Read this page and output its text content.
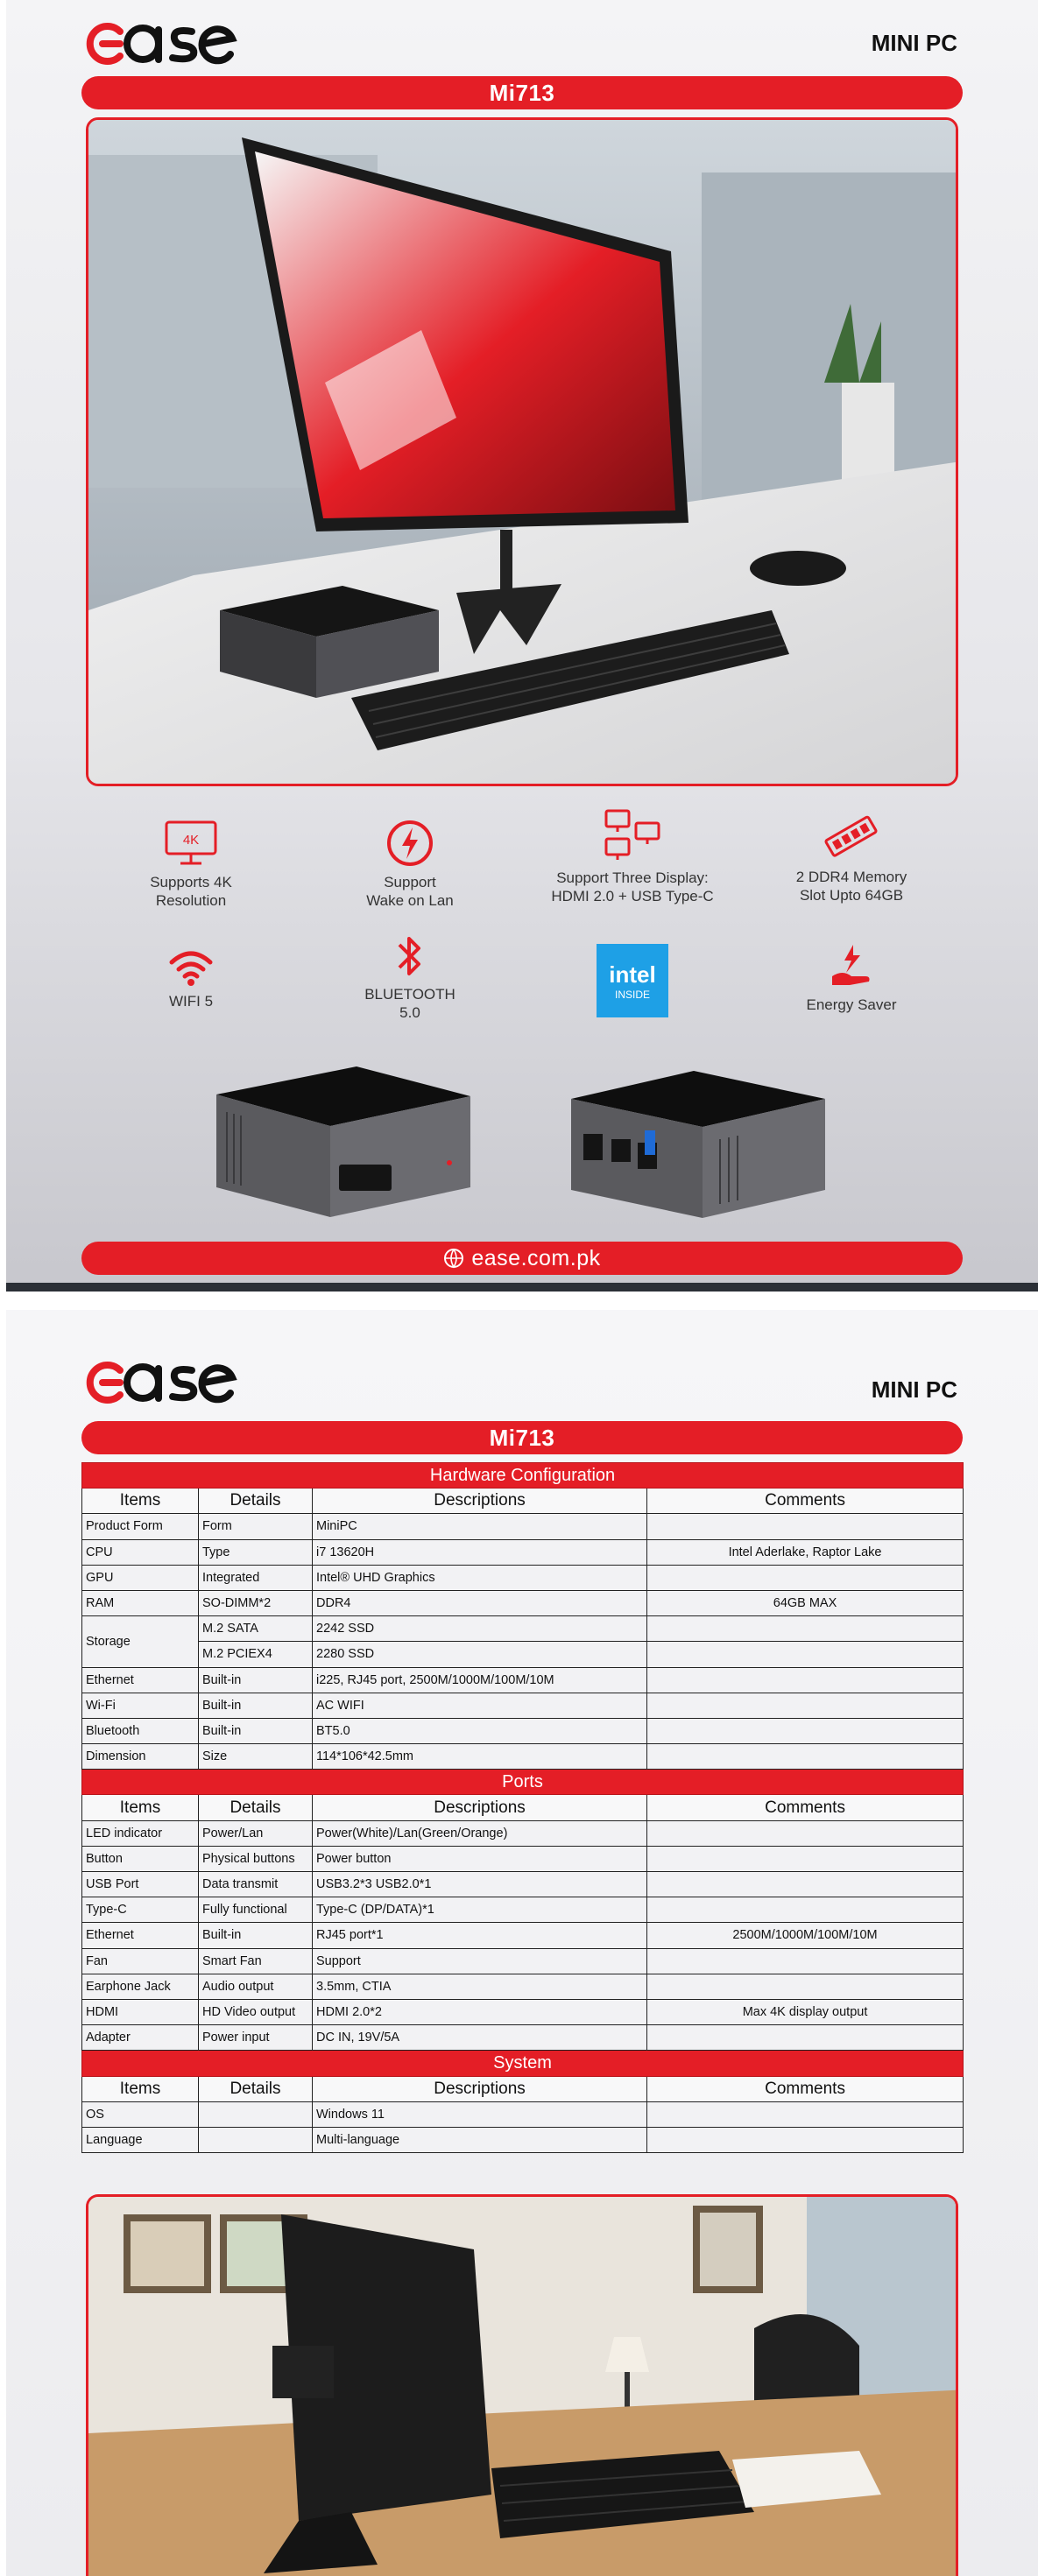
MINI PC
Mi713
4K
Supports 4K
Resolution
Support
Wake on Lan
Support Three Display:
HDMI 2.0 + USB Type-C
2 DDR4 Memory
Slot Upto 64GB
WIFI 5	BLUETOOTH
5.0
intel
INSIDE
Energy Saver
ease.com.pk
MINI PC
Mi713
Hardware Configuration			
Items	Details	Descriptions	Comments
Product Form	Form	MiniPC	
CPU	Type	i7 13620H	Intel Aderlake, Raptor Lake
GPU	Integrated	Intel® UHD Graphics	
RAM	SO-DIMM*2	DDR4	64GB MAX
Storage	M.2 SATA	2242 SSD	
	M.2 PCIEX4	2280 SSD	
Ethernet	Built-in	i225, RJ45 port, 2500M/1000M/100M/10M	
Wi-Fi	Built-in	AC WIFI	
Bluetooth	Built-in	BT5.0	
Dimension	Size	114*106*42.5mm	
Ports			
Items	Details	Descriptions	Comments
LED indicator	Power/Lan	Power(White)/Lan(Green/Orange)	
Button	Physical buttons	Power button	
USB Port	Data transmit	USB3.2*3 USB2.0*1	
Type-C	Fully functional	Type-C (DP/DATA)*1	
Ethernet	Built-in	RJ45 port*1	2500M/1000M/100M/10M
Fan	Smart Fan	Support	
Earphone Jack	Audio output	3.5mm, CTIA	
HDMI	HD Video output	HDMI 2.0*2	Max 4K display output
Adapter	Power input	DC IN, 19V/5A	
System			
Items	Details	Descriptions	Comments
OS		Windows 11	
Language		Multi-language	
